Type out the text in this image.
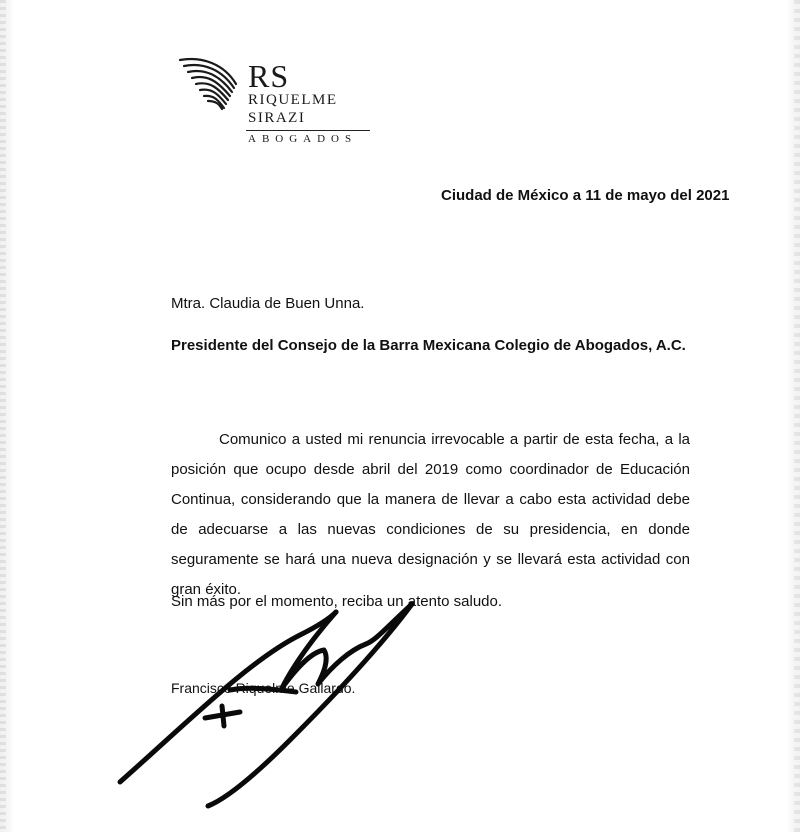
RS
RIQUELME
SIRAZI
ABOGADOS
Ciudad de México a 11 de mayo del 2021
Mtra. Claudia de Buen Unna.
Presidente del Consejo de la Barra Mexicana Colegio de Abogados, A.C.
Comunico a usted mi renuncia irrevocable a partir de esta fecha, a la posición que ocupo desde abril del 2019 como coordinador de Educación Continua, considerando que la manera de llevar a cabo esta actividad debe de adecuarse a las nuevas condiciones de su presidencia, en donde seguramente se hará una nueva designación y se llevará esta actividad con gran éxito.
Sin más por el momento, reciba un atento saludo.
Francisco Riquelme Gallardo.
